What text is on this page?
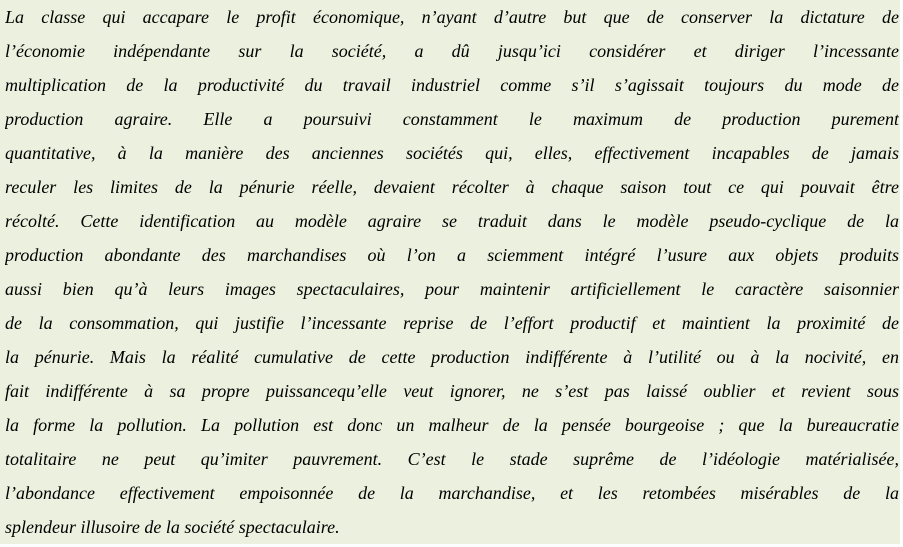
La classe qui accapare le profit économique, n’ayant d’autre but que de conserver la dictature de
l’économie indépendante sur la société, a dû jusqu’ici considérer et diriger l’incessante
multiplication de la productivité du travail industriel comme s’il s’agissait toujours du mode de
production agraire. Elle a poursuivi constamment le maximum de production purement
quantitative, à la manière des anciennes sociétés qui, elles, effectivement incapables de jamais
reculer les limites de la pénurie réelle, devaient récolter à chaque saison tout ce qui pouvait être
récolté. Cette identification au modèle agraire se traduit dans le modèle pseudo-cyclique de la
production abondante des marchandises où l’on a sciemment intégré l’usure aux objets produits
aussi bien qu’à leurs images spectaculaires, pour maintenir artificiellement le caractère saisonnier
de la consommation, qui justifie l’incessante reprise de l’effort productif et maintient la proximité de
la pénurie. Mais la réalité cumulative de cette production indifférente à l’utilité ou à la nocivité, en
fait indifférente à sa propre puissancequ’elle veut ignorer, ne s’est pas laissé oublier et revient sous
la forme la pollution. La pollution est donc un malheur de la pensée bourgeoise ; que la bureaucratie
totalitaire ne peut qu’imiter pauvrement. C’est le stade suprême de l’idéologie matérialisée,
l’abondance effectivement empoisonnée de la marchandise, et les retombées misérables de la
splendeur illusoire de la société spectaculaire.
